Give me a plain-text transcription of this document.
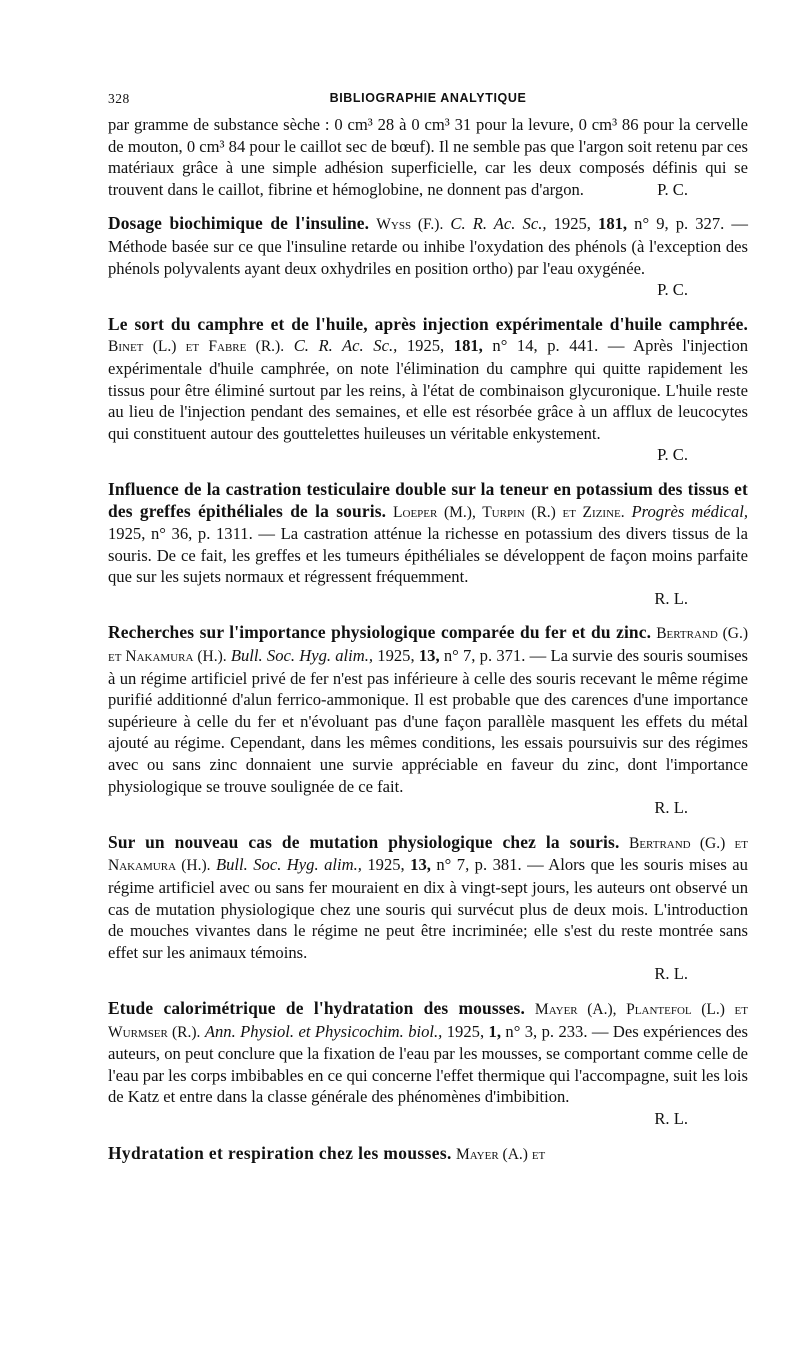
328	BIBLIOGRAPHIE ANALYTIQUE
par gramme de substance sèche : 0 cm³ 28 à 0 cm³ 31 pour la levure, 0 cm³ 86 pour la cervelle de mouton, 0 cm³ 84 pour le caillot sec de bœuf). Il ne semble pas que l'argon soit retenu par ces matériaux grâce à une simple adhésion superficielle, car les deux composés définis qui se trouvent dans le caillot, fibrine et hémoglobine, ne donnent pas d'argon.	P. C.

Dosage biochimique de l'insuline. Wyss (F.). C. R. Ac. Sc., 1925, 181, n° 9, p. 327. — Méthode basée sur ce que l'insuline retarde ou inhibe l'oxydation des phénols (à l'exception des phénols polyvalents ayant deux oxhydriles en position ortho) par l'eau oxygénée.

P. C.

Le sort du camphre et de l'huile, après injection expérimentale d'huile camphrée. Binet (L.) et Fabre (R.). C. R. Ac. Sc., 1925, 181, n° 14, p. 441. — Après l'injection expérimentale d'huile camphrée, on note l'élimination du camphre qui quitte rapidement les tissus pour être éliminé surtout par les reins, à l'état de combinaison glycuronique. L'huile reste au lieu de l'injection pendant des semaines, et elle est résorbée grâce à un afflux de leucocytes qui constituent autour des gouttelettes huileuses un véritable enkystement.

P. C.

Influence de la castration testiculaire double sur la teneur en potassium des tissus et des greffes épithéliales de la souris. Loeper (M.), Turpin (R.) et Zizine. Progrès médical, 1925, n° 36, p. 1311. — La castration atténue la richesse en potassium des divers tissus de la souris. De ce fait, les greffes et les tumeurs épithéliales se développent de façon moins parfaite que sur les sujets normaux et régressent fréquemment.

R. L.

Recherches sur l'importance physiologique comparée du fer et du zinc. Bertrand (G.) et Nakamura (H.). Bull. Soc. Hyg. alim., 1925, 13, n° 7, p. 371. — La survie des souris soumises à un régime artificiel privé de fer n'est pas inférieure à celle des souris recevant le même régime purifié additionné d'alun ferrico-ammonique. Il est probable que des carences d'une importance supérieure à celle du fer et n'évoluant pas d'une façon parallèle masquent les effets du métal ajouté au régime. Cependant, dans les mêmes conditions, les essais poursuivis sur des régimes avec ou sans zinc donnaient une survie appréciable en faveur du zinc, dont l'importance physiologique se trouve soulignée de ce fait.

R. L.

Sur un nouveau cas de mutation physiologique chez la souris. Bertrand (G.) et Nakamura (H.). Bull. Soc. Hyg. alim., 1925, 13, n° 7, p. 381. — Alors que les souris mises au régime artificiel avec ou sans fer mouraient en dix à vingt-sept jours, les auteurs ont observé un cas de mutation physiologique chez une souris qui survécut plus de deux mois. L'introduction de mouches vivantes dans le régime ne peut être incriminée; elle s'est du reste montrée sans effet sur les animaux témoins.

R. L.

Etude calorimétrique de l'hydratation des mousses. Mayer (A.), Plantefol (L.) et Wurmser (R.). Ann. Physiol. et Physicochim. biol., 1925, 1, n° 3, p. 233. — Des expériences des auteurs, on peut conclure que la fixation de l'eau par les mousses, se comportant comme celle de l'eau par les corps imbibables en ce qui concerne l'effet thermique qui l'accompagne, suit les lois de Katz et entre dans la classe générale des phénomènes d'imbibition.

R. L.

Hydratation et respiration chez les mousses. Mayer (A.) et
